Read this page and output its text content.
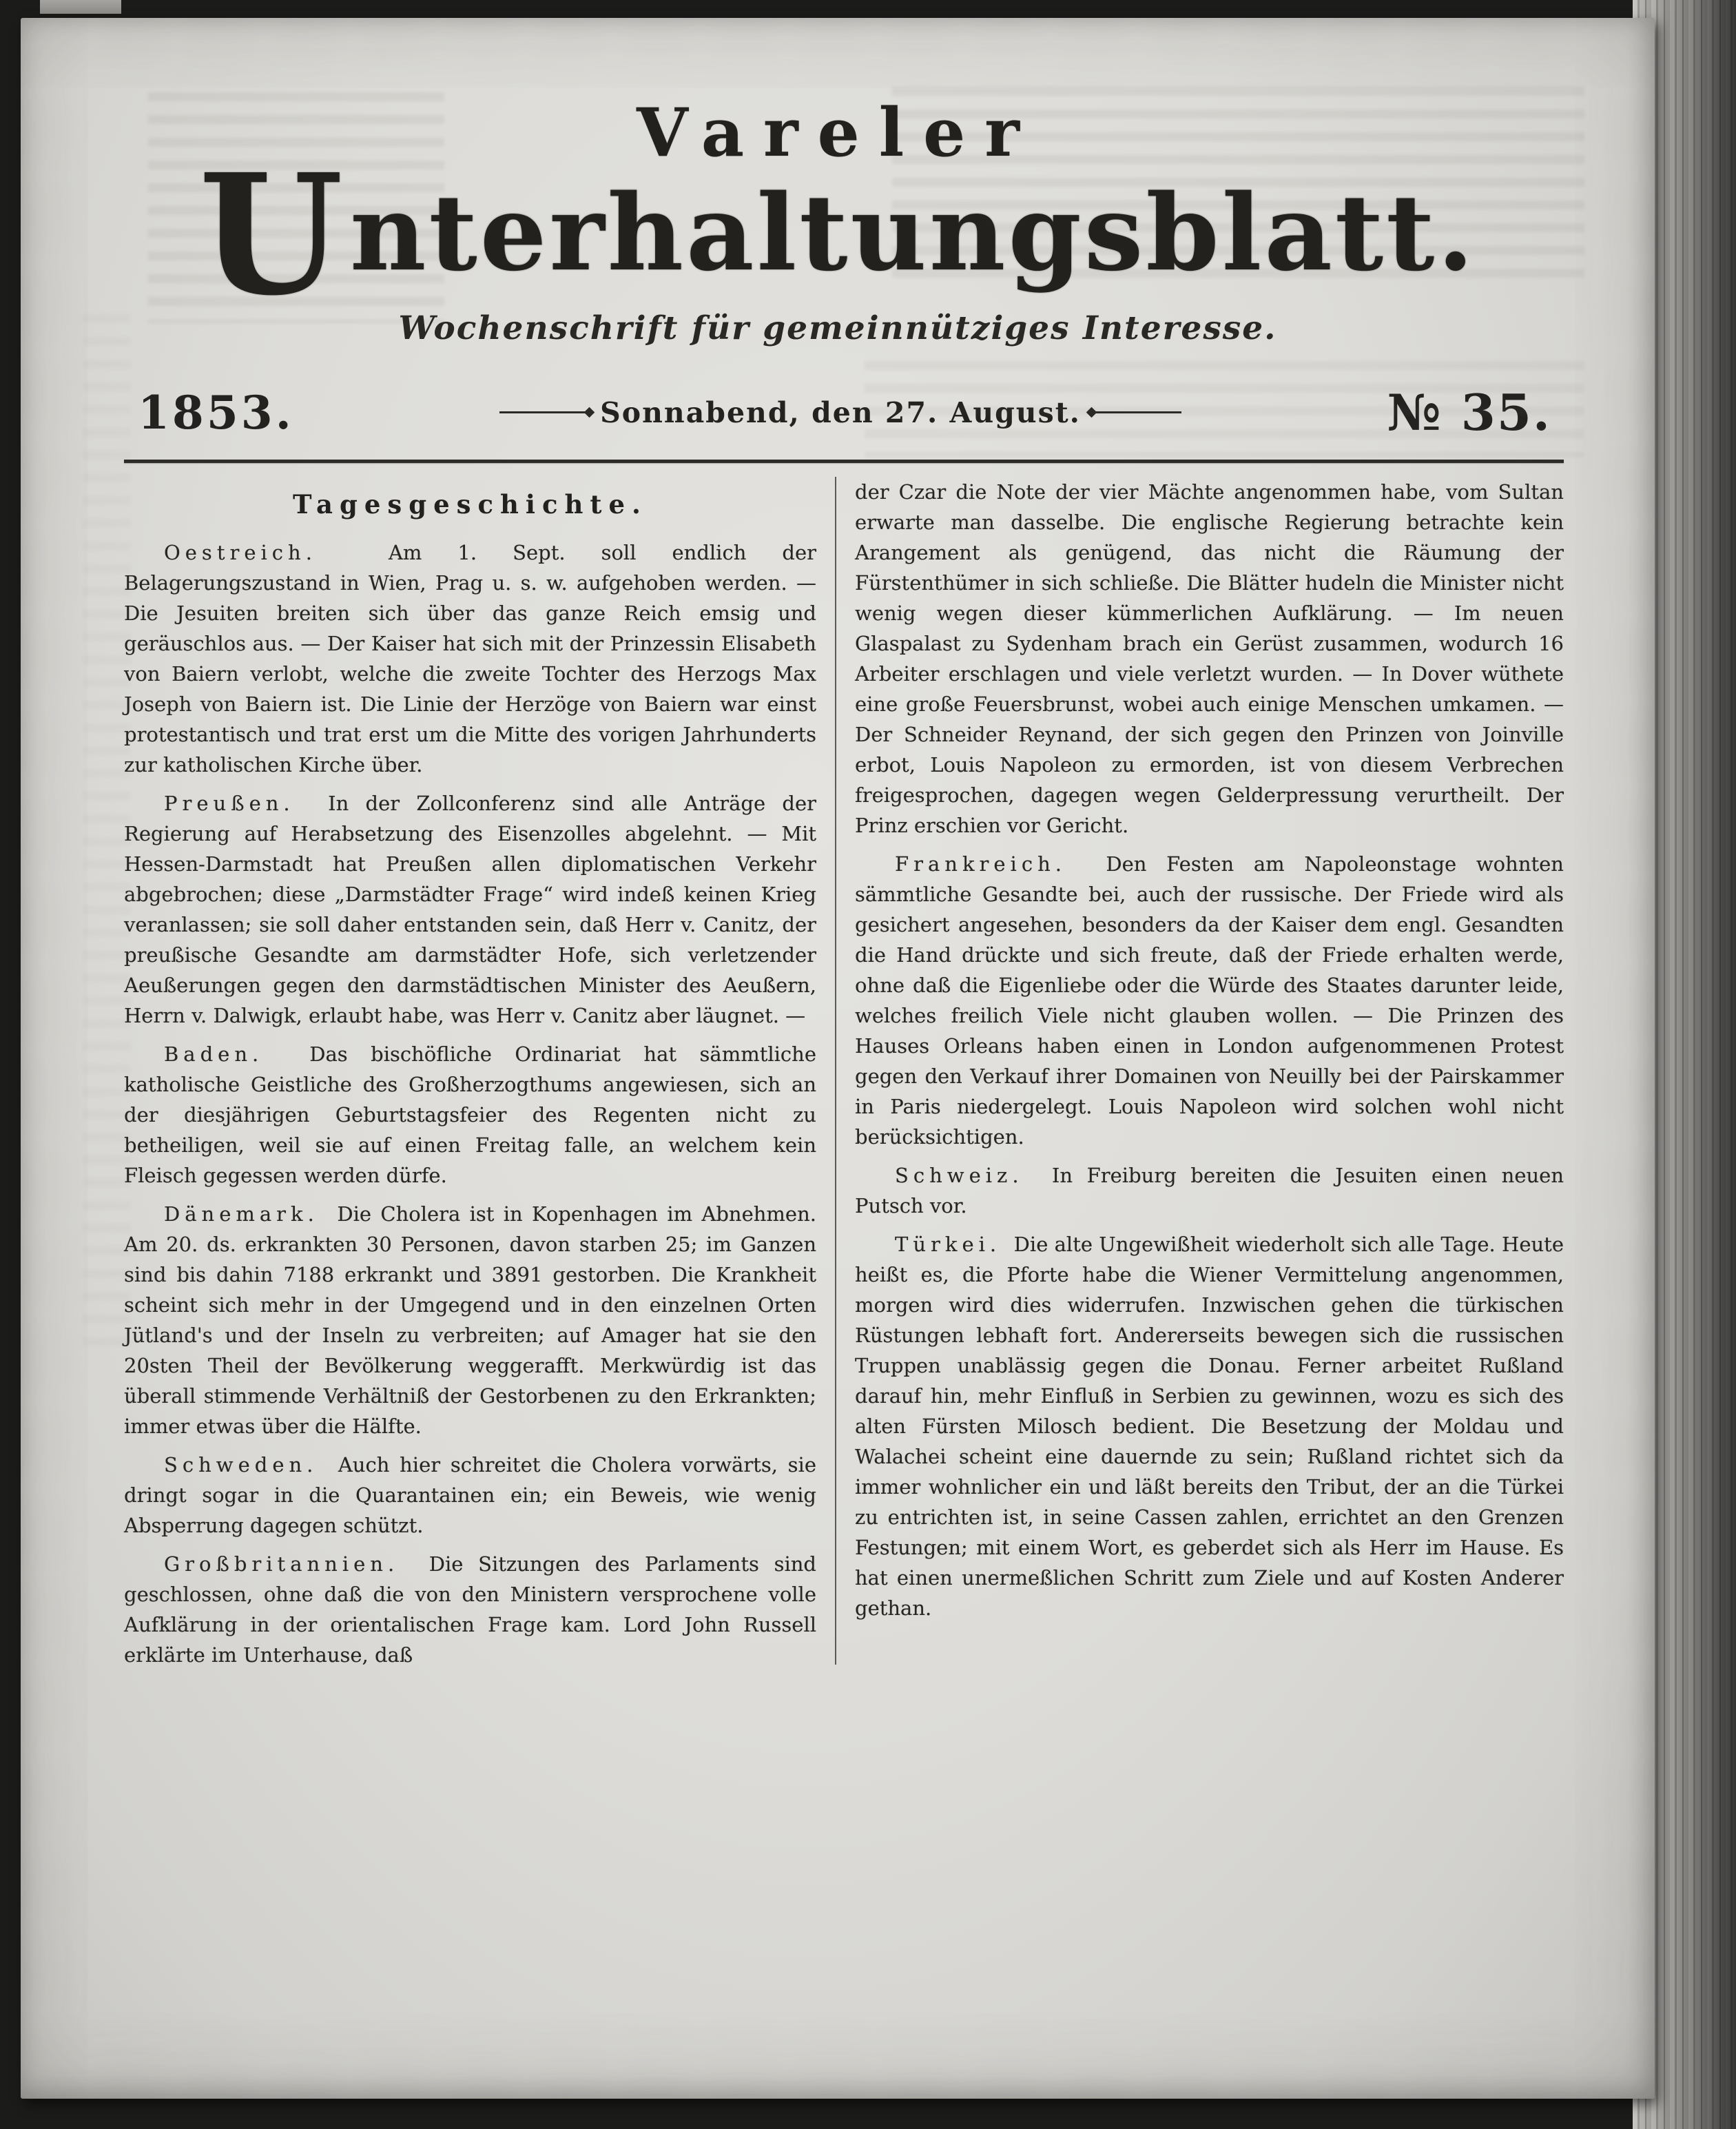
Vareler
Unterhaltungsblatt.
Wochenschrift für gemeinnütziges Interesse.
1853.	Sonnabend, den 27. August.	№ 35.
Tagesgeschichte.

Oestreich.  Am 1. Sept. soll endlich der Belagerungszustand in Wien, Prag u. s. w. aufgehoben werden. — Die Jesuiten breiten sich über das ganze Reich emsig und geräuschlos aus. — Der Kaiser hat sich mit der Prinzessin Elisabeth von Baiern verlobt, welche die zweite Tochter des Herzogs Max Joseph von Baiern ist. Die Linie der Herzöge von Baiern war einst protestantisch und trat erst um die Mitte des vorigen Jahrhunderts zur katholischen Kirche über.

Preußen.  In der Zollconferenz sind alle Anträge der Regierung auf Herabsetzung des Eisenzolles abgelehnt. — Mit Hessen-Darmstadt hat Preußen allen diplomatischen Verkehr abgebrochen; diese „Darmstädter Frage“ wird indeß keinen Krieg veranlassen; sie soll daher entstanden sein, daß Herr v. Canitz, der preußische Gesandte am darmstädter Hofe, sich verletzender Aeußerungen gegen den darmstädtischen Minister des Aeußern, Herrn v. Dalwigk, erlaubt habe, was Herr v. Canitz aber läugnet. —

Baden.  Das bischöfliche Ordinariat hat sämmtliche katholische Geistliche des Großherzogthums angewiesen, sich an der diesjährigen Geburtstagsfeier des Regenten nicht zu betheiligen, weil sie auf einen Freitag falle, an welchem kein Fleisch gegessen werden dürfe.

Dänemark.  Die Cholera ist in Kopenhagen im Abnehmen. Am 20. ds. erkrankten 30 Personen, davon starben 25; im Ganzen sind bis dahin 7188 erkrankt und 3891 gestorben. Die Krankheit scheint sich mehr in der Umgegend und in den einzelnen Orten Jütland's und der Inseln zu verbreiten; auf Amager hat sie den 20sten Theil der Bevölkerung weggerafft. Merkwürdig ist das überall stimmende Verhältniß der Gestorbenen zu den Erkrankten; immer etwas über die Hälfte.

Schweden.  Auch hier schreitet die Cholera vorwärts, sie dringt sogar in die Quarantainen ein; ein Beweis, wie wenig Absperrung dagegen schützt.

Großbritannien.  Die Sitzungen des Parlaments sind geschlossen, ohne daß die von den Ministern versprochene volle Aufklärung in der orientalischen Frage kam. Lord John Russell erklärte im Unterhause, daß

der Czar die Note der vier Mächte angenommen habe, vom Sultan erwarte man dasselbe. Die englische Regierung betrachte kein Arangement als genügend, das nicht die Räumung der Fürstenthümer in sich schließe. Die Blätter hudeln die Minister nicht wenig wegen dieser kümmerlichen Aufklärung. — Im neuen Glaspalast zu Sydenham brach ein Gerüst zusammen, wodurch 16 Arbeiter erschlagen und viele verletzt wurden. — In Dover wüthete eine große Feuersbrunst, wobei auch einige Menschen umkamen. — Der Schneider Reynand, der sich gegen den Prinzen von Joinville erbot, Louis Napoleon zu ermorden, ist von diesem Verbrechen freigesprochen, dagegen wegen Gelderpressung verurtheilt. Der Prinz erschien vor Gericht.

Frankreich.  Den Festen am Napoleonstage wohnten sämmtliche Gesandte bei, auch der russische. Der Friede wird als gesichert angesehen, besonders da der Kaiser dem engl. Gesandten die Hand drückte und sich freute, daß der Friede erhalten werde, ohne daß die Eigenliebe oder die Würde des Staates darunter leide, welches freilich Viele nicht glauben wollen. — Die Prinzen des Hauses Orleans haben einen in London aufgenommenen Protest gegen den Verkauf ihrer Domainen von Neuilly bei der Pairskammer in Paris niedergelegt. Louis Napoleon wird solchen wohl nicht berücksichtigen.

Schweiz.  In Freiburg bereiten die Jesuiten einen neuen Putsch vor.

Türkei.  Die alte Ungewißheit wiederholt sich alle Tage. Heute heißt es, die Pforte habe die Wiener Vermittelung angenommen, morgen wird dies widerrufen. Inzwischen gehen die türkischen Rüstungen lebhaft fort. Andererseits bewegen sich die russischen Truppen unablässig gegen die Donau. Ferner arbeitet Rußland darauf hin, mehr Einfluß in Serbien zu gewinnen, wozu es sich des alten Fürsten Milosch bedient. Die Besetzung der Moldau und Walachei scheint eine dauernde zu sein; Rußland richtet sich da immer wohnlicher ein und läßt bereits den Tribut, der an die Türkei zu entrichten ist, in seine Cassen zahlen, errichtet an den Grenzen Festungen; mit einem Wort, es geberdet sich als Herr im Hause. Es hat einen unermeßlichen Schritt zum Ziele und auf Kosten Anderer gethan.
